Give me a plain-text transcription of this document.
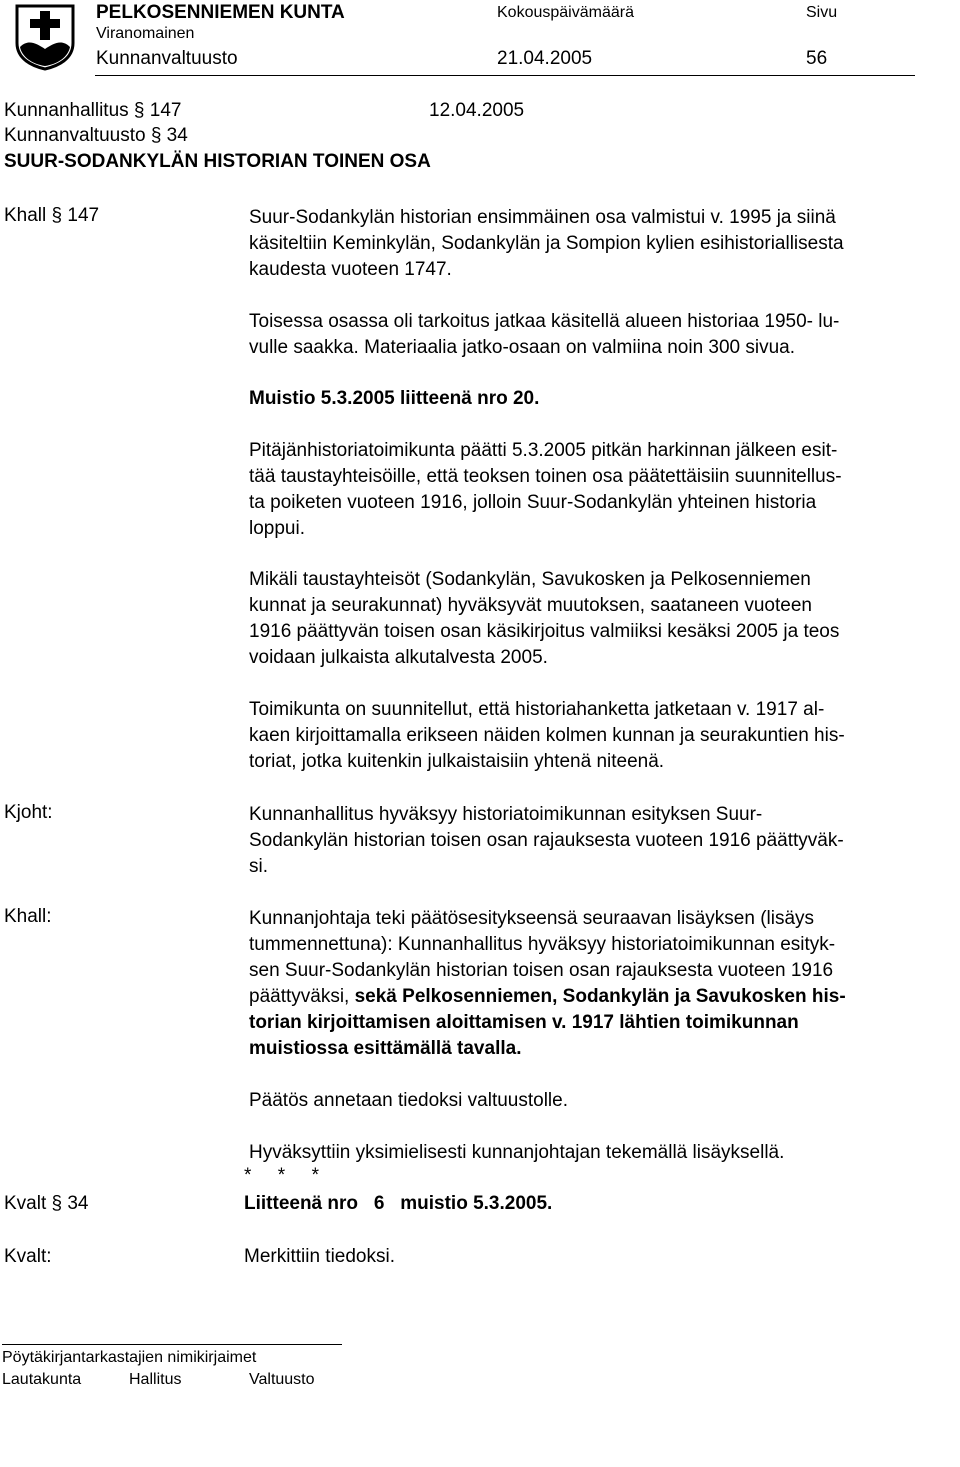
PELKOSENNIEMEN KUNTA
Viranomainen
Kokouspäivämäärä	Sivu
Kunnanvaltuusto	21.04.2005	56
Kunnanhallitus § 147	12.04.2005
Kunnanvaltuusto § 34
SUUR-SODANKYLÄN HISTORIAN TOINEN OSA
Khall § 147	Suur-Sodankylän historian ensimmäinen osa valmistui v. 1995 ja siinä
käsiteltiin Keminkylän, Sodankylän ja Sompion kylien esihistoriallisesta
kaudesta vuoteen 1747.
Toisessa osassa oli tarkoitus jatkaa käsitellä alueen historiaa 1950- lu-
vulle saakka. Materiaalia jatko-osaan on valmiina noin 300 sivua.
Muistio 5.3.2005 liitteenä nro 20.
Pitäjänhistoriatoimikunta päätti 5.3.2005 pitkän harkinnan jälkeen esit-
tää taustayhteisöille, että teoksen toinen osa päätettäisiin suunnitellus-
ta poiketen vuoteen 1916, jolloin Suur-Sodankylän yhteinen historia
loppui.
Mikäli taustayhteisöt (Sodankylän, Savukosken ja Pelkosenniemen
kunnat ja seurakunnat) hyväksyvät muutoksen, saataneen vuoteen
1916 päättyvän toisen osan käsikirjoitus valmiiksi kesäksi 2005 ja teos
voidaan julkaista alkutalvesta 2005.
Toimikunta on suunnitellut, että historiahanketta jatketaan v. 1917 al-
kaen kirjoittamalla erikseen näiden kolmen kunnan ja seurakuntien his-
toriat, jotka kuitenkin julkaistaisiin yhtenä niteenä.
Kjoht:	Kunnanhallitus hyväksyy historiatoimikunnan esityksen Suur-
Sodankylän historian toisen osan rajauksesta vuoteen 1916 päättyväk-
si.
Khall:	Kunnanjohtaja teki päätösesitykseensä seuraavan lisäyksen (lisäys
tummennettuna): Kunnanhallitus hyväksyy historiatoimikunnan esityk-
sen Suur-Sodankylän historian toisen osan rajauksesta vuoteen 1916
päättyväksi, sekä Pelkosenniemen, Sodankylän ja Savukosken his-
torian kirjoittamisen aloittamisen v. 1917 lähtien toimikunnan
muistiossa esittämällä tavalla.
Päätös annetaan tiedoksi valtuustolle.
Hyväksyttiin yksimielisesti kunnanjohtajan tekemällä lisäyksellä.
*     *     *
Kvalt § 34	Liitteenä nro   6   muistio 5.3.2005.
Kvalt:	Merkittiin tiedoksi.
Pöytäkirjantarkastajien nimikirjaimet
Lautakunta	Hallitus	Valtuusto
